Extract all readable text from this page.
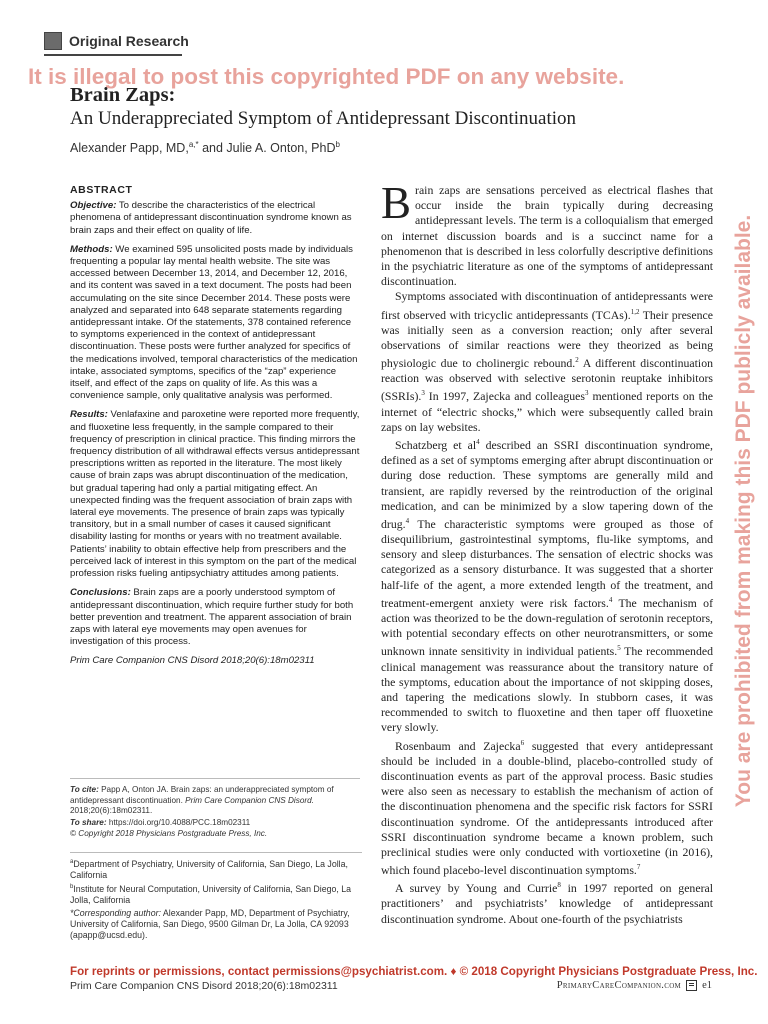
Original Research
It is illegal to post this copyrighted PDF on any website.
Brain Zaps:
An Underappreciated Symptom of Antidepressant Discontinuation
Alexander Papp, MD,$^{a,*}$ and Julie A. Onton, PhD$^b$
ABSTRACT

Objective: To describe the characteristics of the electrical phenomena of antidepressant discontinuation syndrome known as brain zaps and their effect on quality of life.

Methods: We examined 595 unsolicited posts made by individuals frequenting a popular lay mental health website. The site was accessed between December 13, 2014, and December 12, 2016, and its content was saved in a text document. The posts had been accumulating on the site since December 2014. These posts were analyzed and separated into 648 separate statements regarding antidepressant intake. Of the statements, 378 contained reference to symptoms experienced in the context of antidepressant discontinuation. These posts were further analyzed for specifics of the medications involved, temporal characteristics of the medication intake, associated symptoms, specifics of the “zap” experience itself, and effect of the zaps on quality of life. As this was a convenience sample, only qualitative analysis was performed.

Results: Venlafaxine and paroxetine were reported more frequently, and fluoxetine less frequently, in the sample compared to their frequency of prescription in clinical practice. This finding mirrors the frequency distribution of all withdrawal effects versus antidepressant prescriptions written as reported in the literature. The most likely cause of brain zaps was abrupt discontinuation of the medication, but gradual tapering had only a partial mitigating effect. An unexpected finding was the frequent association of brain zaps with lateral eye movements. The presence of brain zaps was typically transitory, but in a small number of cases it caused significant disability lasting for months or years with no treatment available. Patients’ inability to obtain effective help from prescribers and the perceived lack of interest in this symptom on the part of the medical profession risks fueling antipsychiatry attitudes among patients.

Conclusions: Brain zaps are a poorly understood symptom of antidepressant discontinuation, which require further study for both better prevention and treatment. The apparent association of brain zaps with lateral eye movements may open avenues for investigation of this process.

Prim Care Companion CNS Disord 2018;20(6):18m02311

To cite: Papp A, Onton JA. Brain zaps: an underappreciated symptom of antidepressant discontinuation. Prim Care Companion CNS Disord. 2018;20(6):18m02311.

To share: https://doi.org/10.4088/PCC.18m02311

© Copyright 2018 Physicians Postgraduate Press, Inc.

$^a$Department of Psychiatry, University of California, San Diego, La Jolla, California

$^b$Institute for Neural Computation, University of California, San Diego, La Jolla, California

*Corresponding author: Alexander Papp, MD, Department of Psychiatry, University of California, San Diego, 9500 Gilman Dr, La Jolla, CA 92093 (apapp@ucsd.edu).

Brain zaps are sensations perceived as electrical flashes that occur inside the brain typically during decreasing antidepressant levels. The term is a colloquialism that emerged on internet discussion boards and is a succinct name for a phenomenon that is described in less colorfully descriptive definitions in the psychiatric literature as one of the symptoms of antidepressant discontinuation.

Symptoms associated with discontinuation of antidepressants were first observed with tricyclic antidepressants (TCAs).$^{1,2}$ Their presence was initially seen as a conversion reaction; only after several observations of similar reactions were they theorized as being physiologic due to cholinergic rebound.$^2$ A different discontinuation reaction was observed with selective serotonin reuptake inhibitors (SSRIs).$^3$ In 1997, Zajecka and colleagues$^3$ mentioned reports on the internet of “electric shocks,” which were subsequently called brain zaps on lay websites.

Schatzberg et $al^4$ described an SSRI discontinuation syndrome, defined as a set of symptoms emerging after abrupt discontinuation or during dose reduction. These symptoms are generally mild and transient, are rapidly reversed by the reintroduction of the original medication, and can be minimized by a slow tapering down of the drug.$^4$ The characteristic symptoms were grouped as those of disequilibrium, gastrointestinal symptoms, flu-like symptoms, and sensory and sleep disturbances. The sensation of electric shocks was categorized as a sensory disturbance. It was suggested that a shorter half-life of the agent, a more extended length of the treatment, and treatment-emergent anxiety were risk factors.$^4$ The mechanism of action was theorized to be the down-regulation of serotonin receptors, with potential secondary effects on other neurotransmitters, or some unknown innate sensitivity in individual patients.$^5$ The recommended clinical management was reassurance about the transitory nature of the symptoms, education about the importance of not skipping doses, and tapering the medications slowly. In stubborn cases, it was recommended to switch to fluoxetine and then taper off fluoxetine very slowly.

Rosenbaum and Zajecka$^6$ suggested that every antidepressant should be included in a double-blind, placebo-controlled study of discontinuation events as part of the approval process. Basic studies were also seen as necessary to establish the mechanism of action of the discontinuation phenomena and the specific risk factors for SSRI discontinuation syndrome. Of the antidepressants introduced after SSRI discontinuation syndrome became a known problem, such preclinical studies were only conducted with vortioxetine (in 2016), which found placebo-level discontinuation symptoms.$^7$

A survey by Young and Currie$^8$ in 1997 reported on general practitioners’ and psychiatrists’ knowledge of antidepressant discontinuation syndrome. About one-fourth of the psychiatrists

You are prohibited from making this PDF publicly available.
For reprints or permissions, contact permissions@psychiatrist.com. ♦ © 2018 Copyright Physicians Postgraduate Press, Inc.
Prim Care Companion CNS Disord 2018;20(6):18m02311	PrimaryCareCompanion.com e1
